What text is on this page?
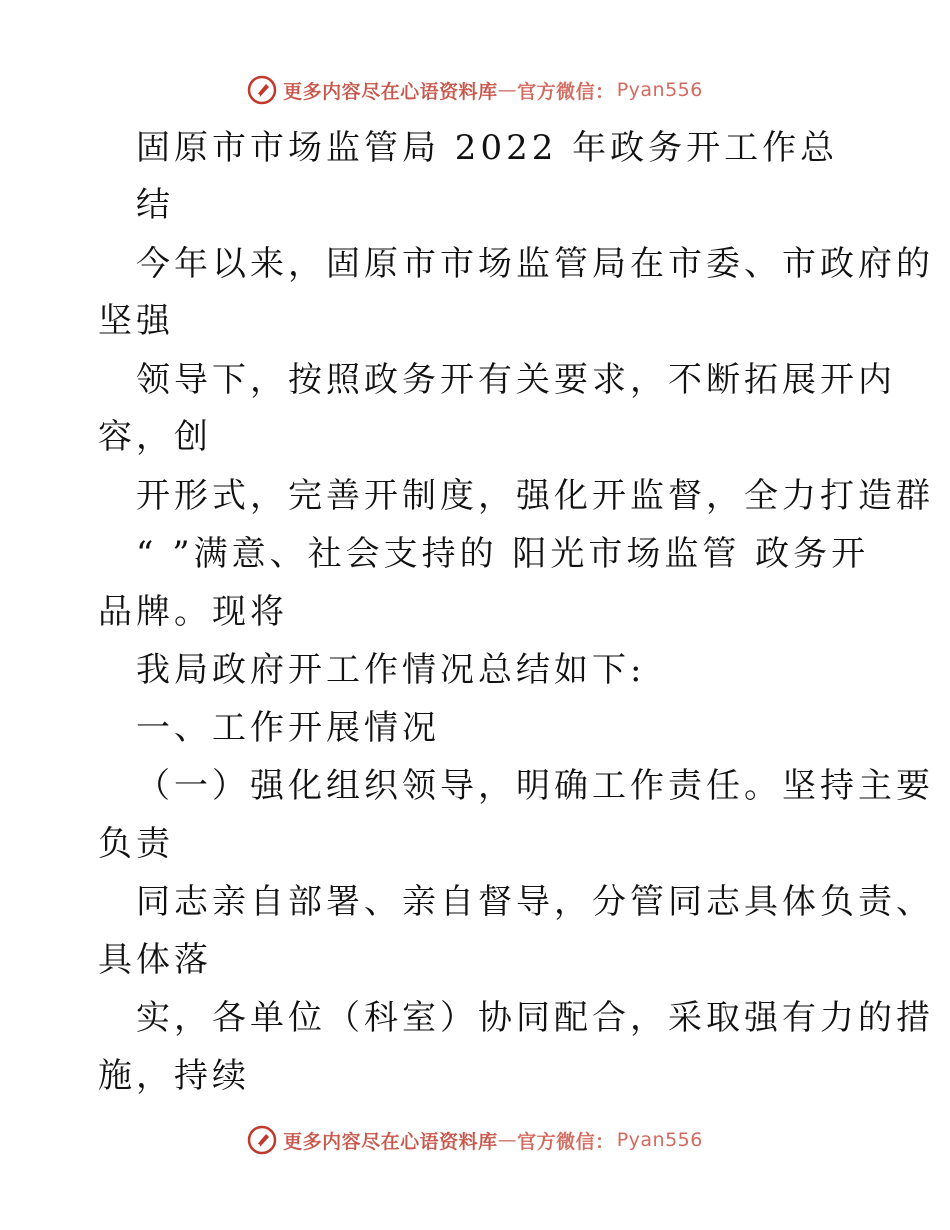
更多内容尽在心语资料库 — 官方微信： Pyan556
固原市市场监管局 2022 年政务开工作总
结
今年以来，固原市市场监管局在市委、市政府的
坚强
领导下，按照政务开有关要求，不断拓展开内
容，创
开形式，完善开制度，强化开监督，全力打造群
“ ”满意、社会支持的 阳光市场监管 政务开
品牌。现将
我局政府开工作情况总结如下:
一、工作开展情况
（一）强化组织领导，明确工作责任。坚持主要
负责
同志亲自部署、亲自督导，分管同志具体负责、
具体落
实，各单位（科室）协同配合，采取强有力的措
施，持续
更多内容尽在心语资料库 — 官方微信： Pyan556
